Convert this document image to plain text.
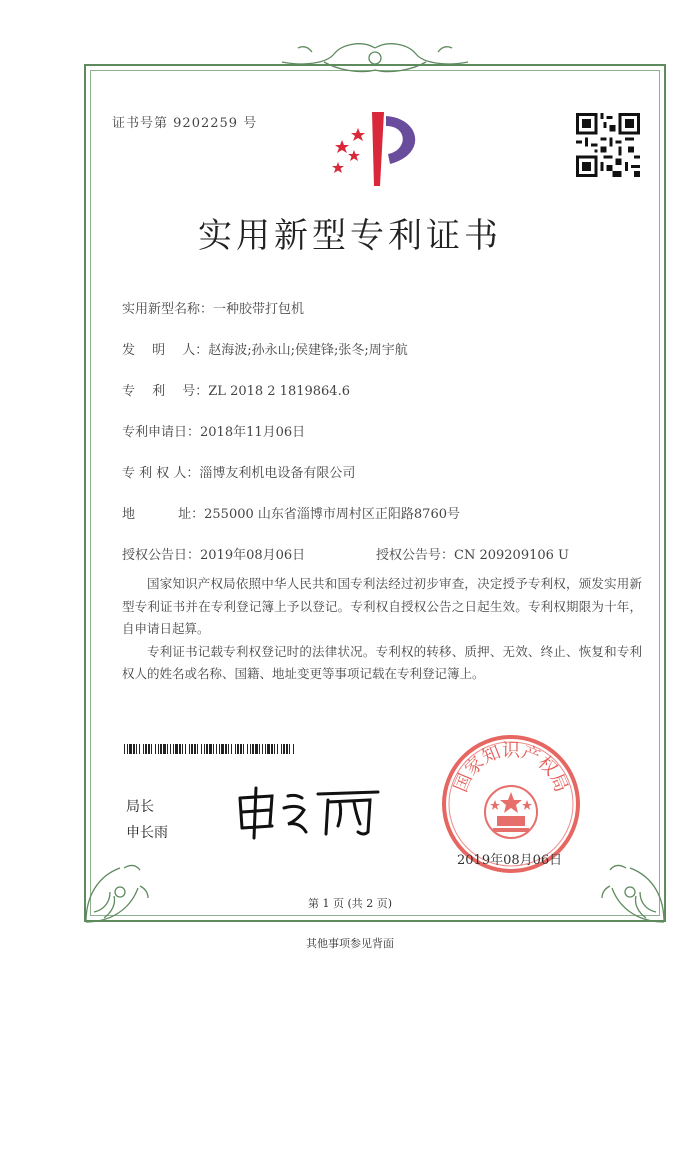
证书号第 9202259 号
实用新型专利证书
实用新型名称：一种胶带打包机
发　 明　 人：赵海波;孙永山;侯建锋;张冬;周宇航
专　 利　 号：ZL 2018 2 1819864.6
专利申请日：2018年11月06日
专 利 权 人：淄博友利机电设备有限公司
地　　　 址：255000 山东省淄博市周村区正阳路8760号
授权公告日：2019年08月06日	授权公告号：CN 209209106 U

国家知识产权局依照中华人民共和国专利法经过初步审查，决定授予专利权，颁发实用新型专利证书并在专利登记簿上予以登记。专利权自授权公告之日起生效。专利权期限为十年，自申请日起算。

专利证书记载专利权登记时的法律状况。专利权的转移、质押、无效、终止、恢复和专利权人的姓名或名称、国籍、地址变更等事项记载在专利登记簿上。

局长
申长雨
国家知识产权局
2019年08月06日
第 1 页 (共 2 页)
其他事项参见背面
